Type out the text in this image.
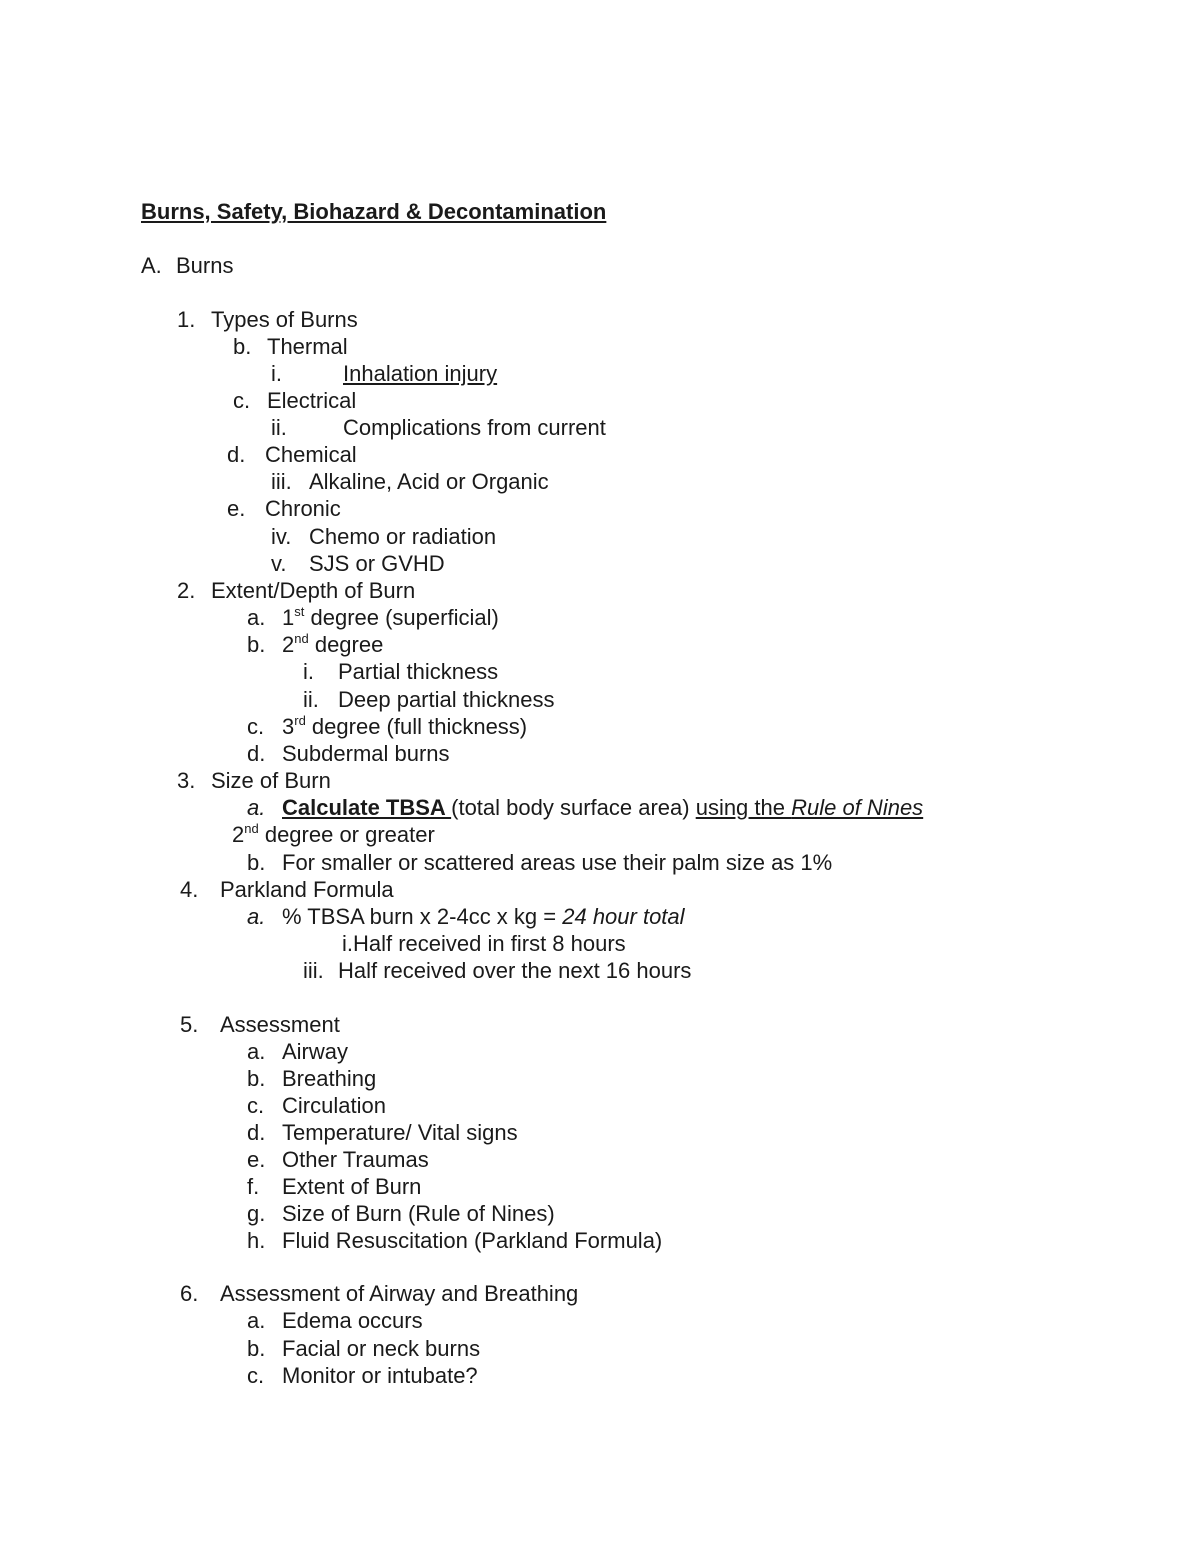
Burns, Safety, Biohazard & Decontamination
A. Burns
1. Types of Burns
b. Thermal
i.	Inhalation injury
c. Electrical
ii.	Complications from current
d. Chemical
iii. Alkaline, Acid or Organic
e. Chronic
iv. Chemo or radiation
v. SJS or GVHD
2. Extent/Depth of Burn
a. 1st degree (superficial)
b. 2nd degree
i. Partial thickness
ii. Deep partial thickness
c. 3rd degree (full thickness)
d. Subdermal burns
3. Size of Burn
a. Calculate TBSA (total body surface area) using the Rule of Nines
2nd degree or greater
b. For smaller or scattered areas use their palm size as 1%
4. Parkland Formula
a. % TBSA burn x 2-4cc x kg = 24 hour total
i.Half received in first 8 hours
iii. Half received over the next 16 hours
5. Assessment
a. Airway
b. Breathing
c. Circulation
d. Temperature/ Vital signs
e. Other Traumas
f. Extent of Burn
g. Size of Burn (Rule of Nines)
h. Fluid Resuscitation (Parkland Formula)
6. Assessment of Airway and Breathing
a. Edema occurs
b. Facial or neck burns
c. Monitor or intubate?
